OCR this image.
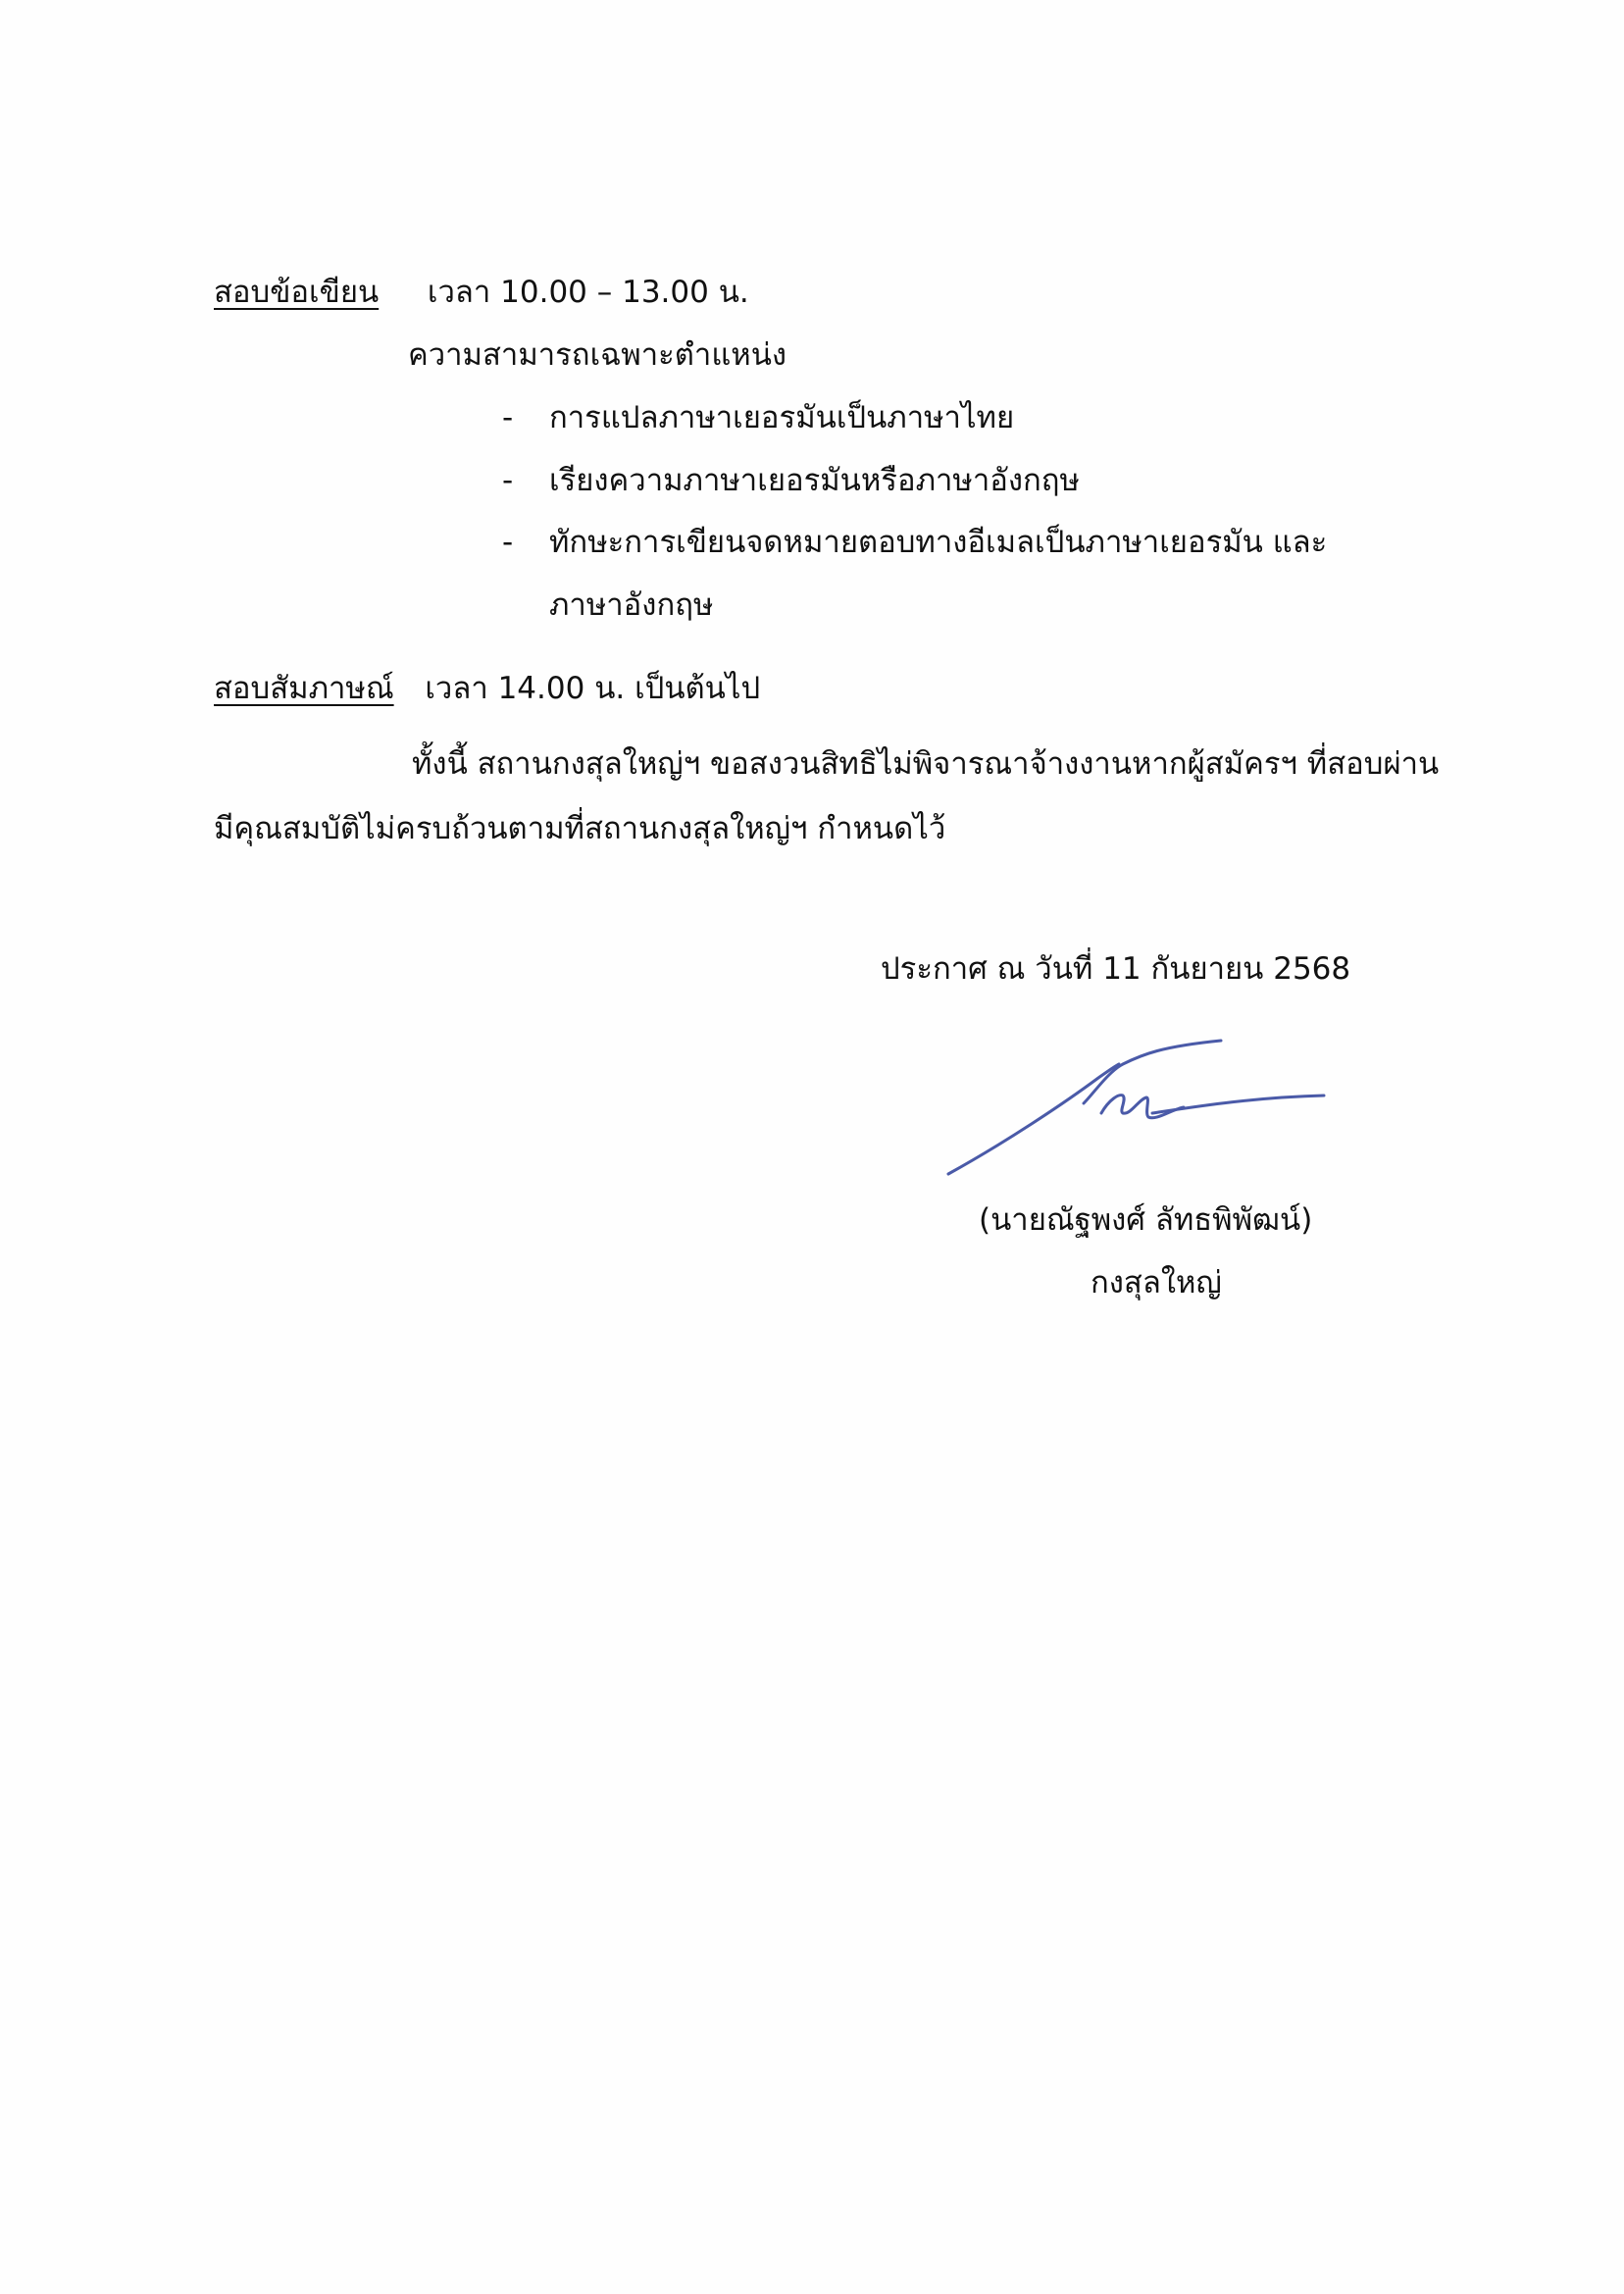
สอบข้อเขียน เวลา 10.00 – 13.00 น.
ความสามารถเฉพาะตำแหน่ง
- การแปลภาษาเยอรมันเป็นภาษาไทย
- เรียงความภาษาเยอรมันหรือภาษาอังกฤษ
- ทักษะการเขียนจดหมายตอบทางอีเมลเป็นภาษาเยอรมัน และ
ภาษาอังกฤษ
สอบสัมภาษณ์ เวลา 14.00 น. เป็นต้นไป
ทั้งนี้ สถานกงสุลใหญ่ฯ ขอสงวนสิทธิไม่พิจารณาจ้างงานหากผู้สมัครฯ ที่สอบผ่าน
มีคุณสมบัติไม่ครบถ้วนตามที่สถานกงสุลใหญ่ฯ กำหนดไว้
ประกาศ ณ วันที่ 11 กันยายน 2568
(นายณัฐพงศ์ ลัทธพิพัฒน์)
กงสุลใหญ่
